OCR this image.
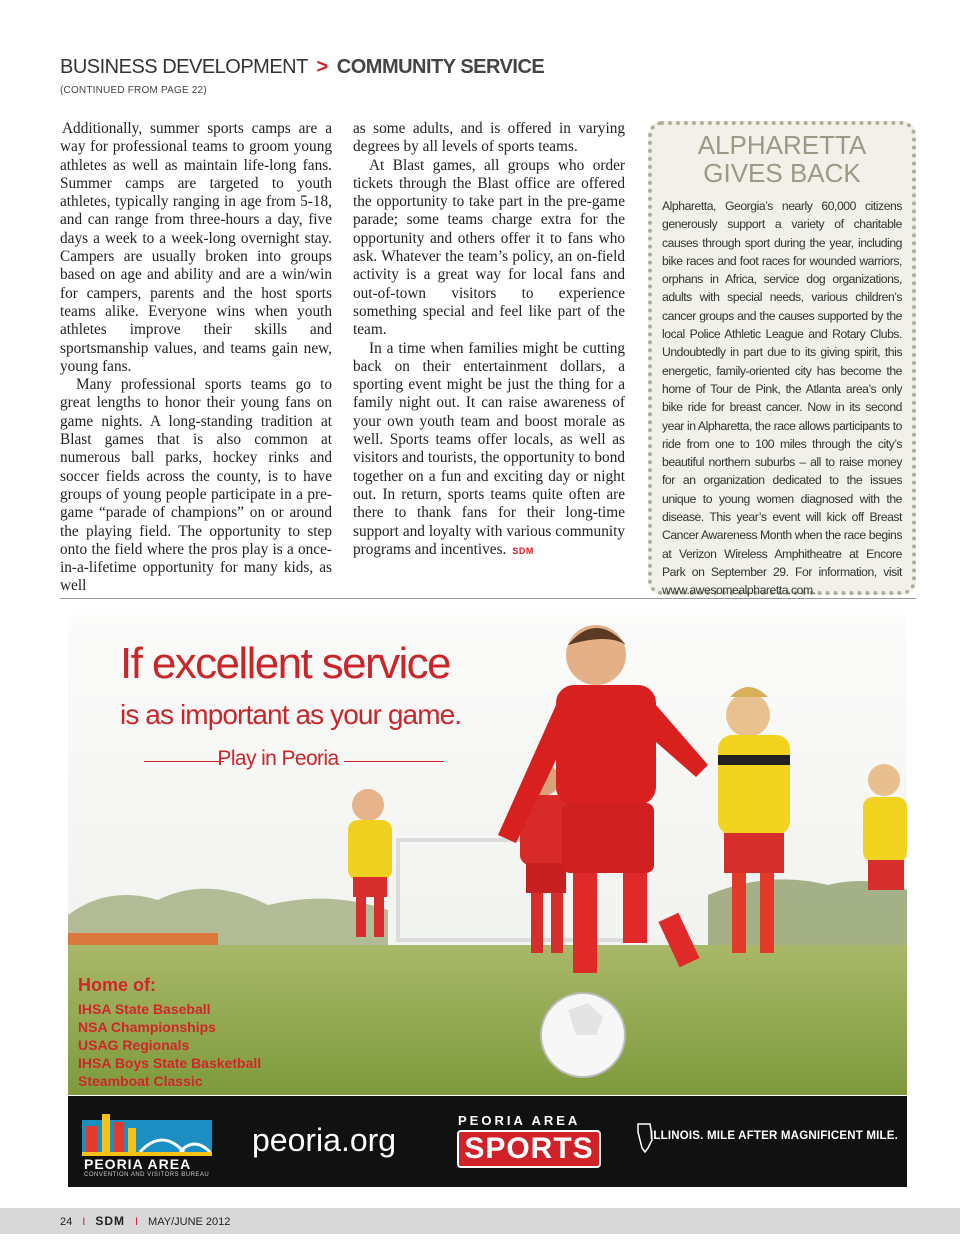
BUSINESS DEVELOPMENT > COMMUNITY SERVICE
(CONTINUED FROM PAGE 22)

Additionally, summer sports camps are a way for professional teams to groom young athletes as well as maintain life-long fans. Summer camps are targeted to youth athletes, typically ranging in age from 5-18, and can range from three-hours a day, five days a week to a week-long overnight stay. Campers are usually broken into groups based on age and ability and are a win/win for campers, parents and the host sports teams alike. Everyone wins when youth athletes improve their skills and sportsmanship values, and teams gain new, young fans.

Many professional sports teams go to great lengths to honor their young fans on game nights. A long-standing tradition at Blast games that is also common at numerous ball parks, hockey rinks and soccer fields across the county, is to have groups of young people participate in a pre-game “parade of champions” on or around the playing field. The opportunity to step onto the field where the pros play is a once-in-a-lifetime opportunity for many kids, as well

as some adults, and is offered in varying degrees by all levels of sports teams.

At Blast games, all groups who order tickets through the Blast office are offered the opportunity to take part in the pre-game parade; some teams charge extra for the opportunity and others offer it to fans who ask. Whatever the team’s policy, an on-field activity is a great way for local fans and out-of-town visitors to experience something special and feel like part of the team.

In a time when families might be cutting back on their entertainment dollars, a sporting event might be just the thing for a family night out. It can raise awareness of your own youth team and boost morale as well. Sports teams offer locals, as well as visitors and tourists, the opportunity to bond together on a fun and exciting day or night out. In return, sports teams quite often are there to thank fans for their long-time support and loyalty with various community programs and incentives. SDM

ALPHARETTA
GIVES BACK

Alpharetta, Georgia’s nearly 60,000 citizens generously support a variety of charitable causes through sport during the year, including bike races and foot races for wounded warriors, orphans in Africa, service dog organizations, adults with special needs, various children’s cancer groups and the causes supported by the local Police Athletic League and Rotary Clubs. Undoubtedly in part due to its giving spirit, this energetic, family-oriented city has become the home of Tour de Pink, the Atlanta area’s only bike ride for breast cancer. Now in its second year in Alpharetta, the race allows participants to ride from one to 100 miles through the city’s beautiful northern suburbs – all to raise money for an organization dedicated to the issues unique to young women diagnosed with the disease. This year’s event will kick off Breast Cancer Awareness Month when the race begins at Verizon Wireless Amphitheatre at Encore Park on September 29. For information, visit www.awesomealpharetta.com.

If excellent service
is as important as your game.
Play in Peoria
Home of:
IHSA State Baseball
NSA Championships
USAG Regionals
IHSA Boys State Basketball
Steamboat Classic
PEORIA AREA
CONVENTION AND VISITORS BUREAU
peoria.org
PEORIA AREA
SPORTS	ILLINOIS. MILE AFTER MAGNIFICENT MILE.
24 I SDM I MAY/JUNE 2012
